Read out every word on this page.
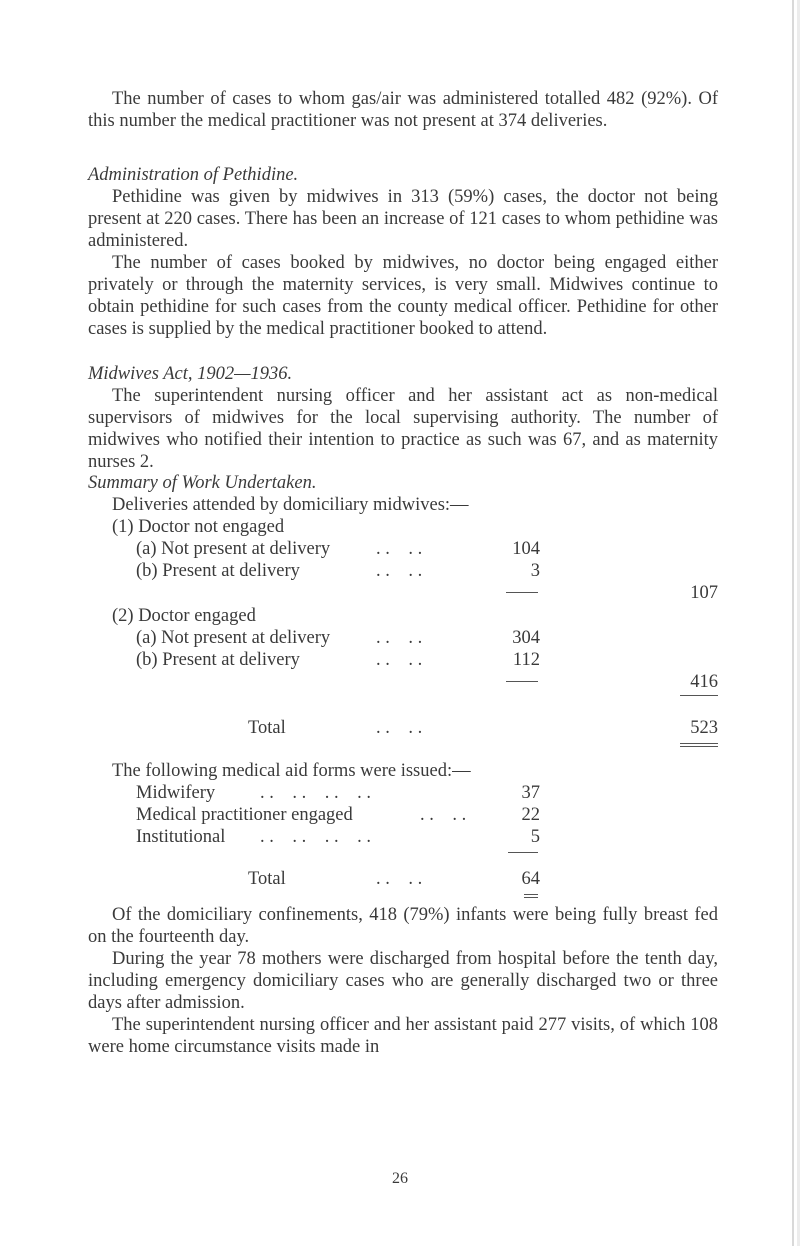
The number of cases to whom gas/air was administered totalled 482 (92%). Of this number the medical practitioner was not present at 374 deliveries.
Administration of Pethidine.
Pethidine was given by midwives in 313 (59%) cases, the doctor not being present at 220 cases. There has been an increase of 121 cases to whom pethidine was administered.
The number of cases booked by midwives, no doctor being engaged either privately or through the maternity services, is very small. Midwives continue to obtain pethidine for such cases from the county medical officer. Pethidine for other cases is supplied by the medical practitioner booked to attend.
Midwives Act, 1902—1936.
The superintendent nursing officer and her assistant act as non-medical supervisors of midwives for the local supervising authority. The number of midwives who notified their intention to practice as such was 67, and as maternity nurses 2.
Summary of Work Undertaken.
Deliveries attended by domiciliary midwives:—
(1) Doctor not engaged
(a) Not present at delivery . .    . .	104
(b) Present at delivery	. .    . .	3
107
(2) Doctor engaged
(a) Not present at delivery . .    . .	304
(b) Present at delivery	. .    . .	112
416
Total	. .    . .	523
The following medical aid forms were issued:—
Midwifery . .    . .    . .    . .	37
Medical practitioner engaged	. .    . .	22
Institutional . .    . .    . .    . .	5
Total	. .    . .	64
Of the domiciliary confinements, 418 (79%) infants were being fully breast fed on the fourteenth day.
During the year 78 mothers were discharged from hospital before the tenth day, including emergency domiciliary cases who are generally discharged two or three days after admission.
The superintendent nursing officer and her assistant paid 277 visits, of which 108 were home circumstance visits made in
26
